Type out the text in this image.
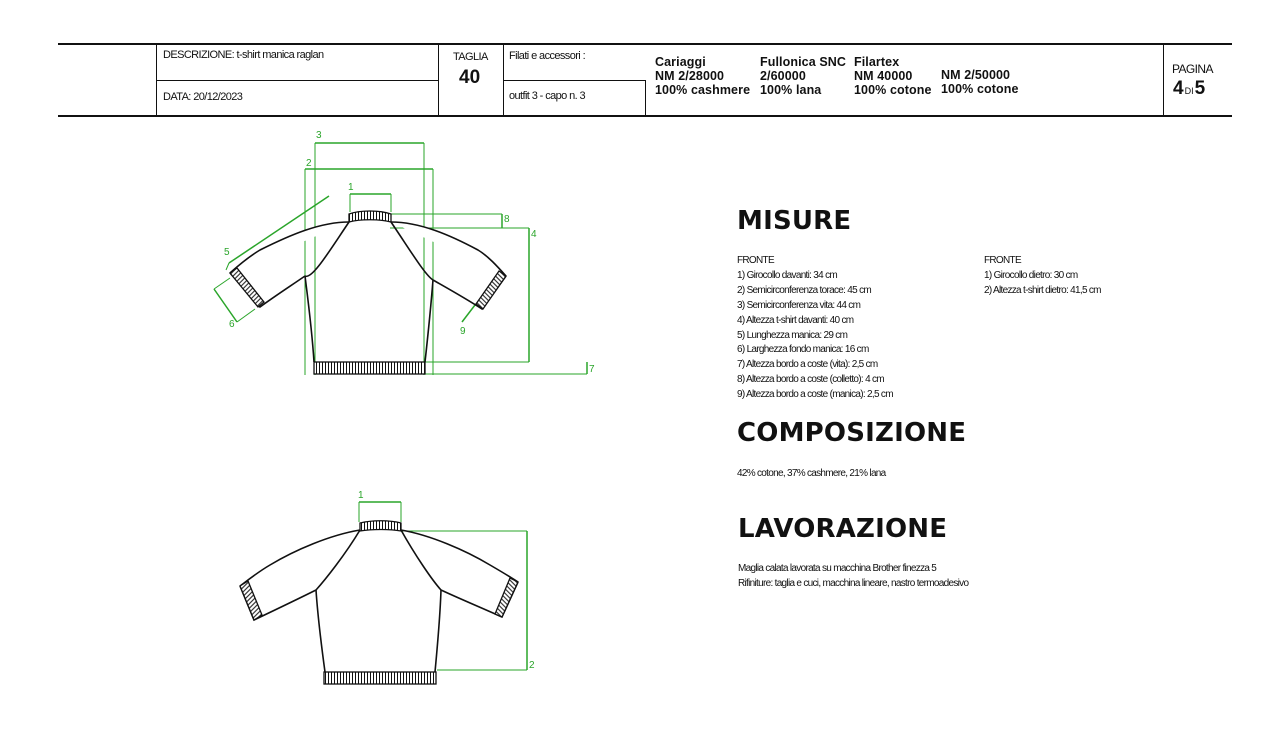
DESCRIZIONE: t-shirt manica raglan
DATA: 20/12/2023
TAGLIA
40
Filati e accessori :
outfit 3 - capo n. 3
Cariaggi
NM 2/28000
100% cashmere
Fullonica SNC
2/60000
100% lana
Filartex
NM 40000
100% cotone
NM 2/50000
100% cotone
PAGINA
4DI5
3
2
1
8
4
5
6
9
7
1
2
MISURE
FRONTE
1) Girocollo davanti: 34 cm
2) Semicirconferenza torace: 45 cm
3) Semicirconferenza vita: 44 cm
4) Altezza t-shirt davanti: 40 cm
5) Lunghezza manica: 29 cm
6) Larghezza fondo manica: 16 cm
7) Altezza bordo a coste (vita): 2,5 cm
8) Altezza bordo a coste (colletto): 4 cm
9) Altezza bordo a coste (manica): 2,5 cm
FRONTE
1) Girocollo dietro: 30 cm
2) Altezza t-shirt dietro: 41,5 cm
COMPOSIZIONE
42% cotone, 37% cashmere, 21% lana
LAVORAZIONE
Maglia calata lavorata su macchina Brother finezza 5
Rifiniture: taglia e cuci, macchina lineare, nastro termoadesivo
